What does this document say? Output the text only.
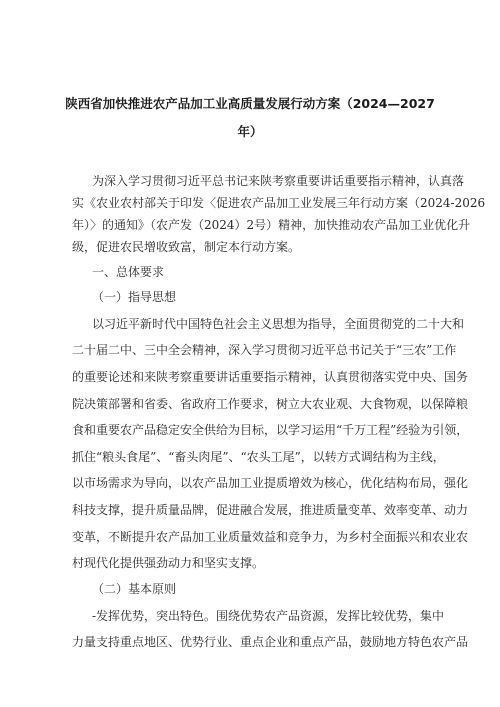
陕西省加快推进农产品加工业高质量发展行动方案（2024—2027
年）
为深入学习贯彻习近平总书记来陕考察重要讲话重要指示精神，认真落
实《农业农村部关于印发〈促进农产品加工业发展三年行动方案（2024-2026
年）〉的通知》（农产发（2024）2号）精神，加快推动农产品加工业优化升
级，促进农民增收致富，制定本行动方案。
一、总体要求
（一）指导思想
以习近平新时代中国特色社会主义思想为指导，全面贯彻党的二十大和
二十届二中、三中全会精神，深入学习贯彻习近平总书记关于“三农”工作
的重要论述和来陕考察重要讲话重要指示精神，认真贯彻落实党中央、国务
院决策部署和省委、省政府工作要求，树立大农业观、大食物观，以保障粮
食和重要农产品稳定安全供给为目标，以学习运用“千万工程”经验为引领，
抓住“粮头食尾”、“畜头肉尾”、“农头工尾”，以转方式调结构为主线，
以市场需求为导向，以农产品加工业提质增效为核心，优化结构布局，强化
科技支撑，提升质量品牌，促进融合发展，推进质量变革、效率变革、动力
变革，不断提升农产品加工业质量效益和竞争力，为乡村全面振兴和农业农
村现代化提供强劲动力和坚实支撑。
（二）基本原则
-发挥优势，突出特色。围绕优势农产品资源，发挥比较优势，集中
力量支持重点地区、优势行业、重点企业和重点产品，鼓励地方特色农产品
